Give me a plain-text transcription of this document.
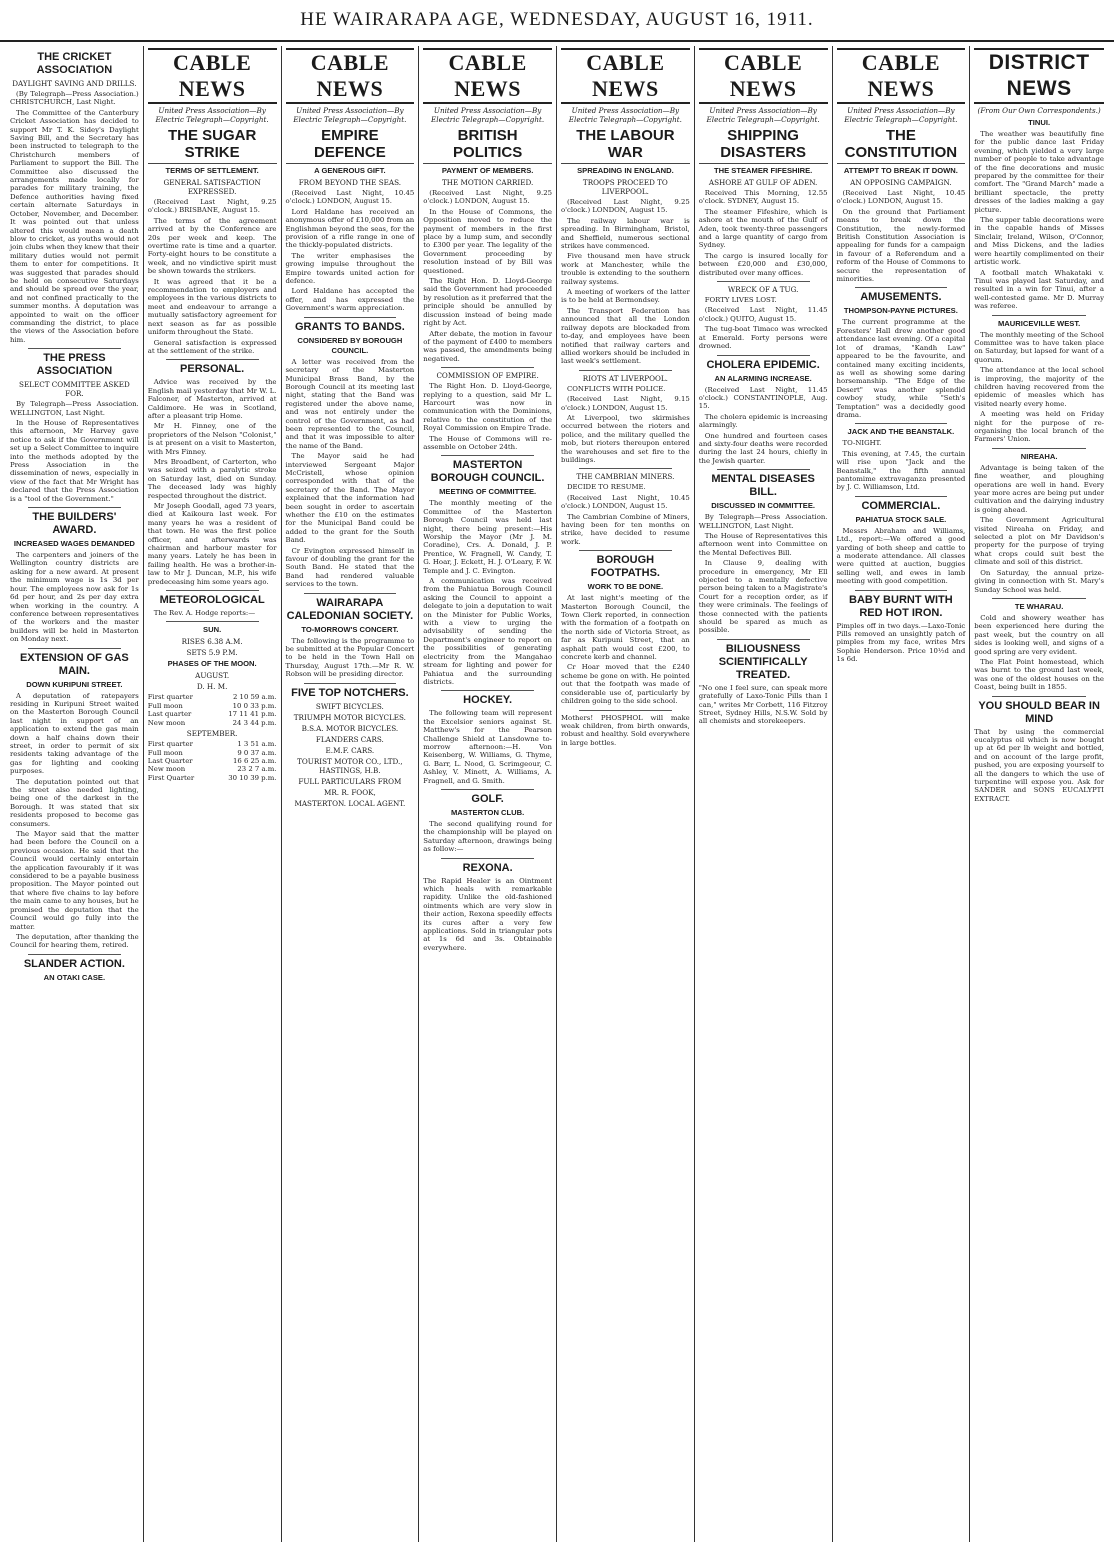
HE WAIRARAPA AGE, WEDNESDAY, AUGUST 16, 1911.
THE CRICKET ASSOCIATION
DAYLIGHT SAVING AND DRILLS.
(By Telegraph—Press Association.) CHRISTCHURCH, Last Night.
The Committee of the Canterbury Cricket Association has decided to support Mr T. K. Sidey's Daylight Saving Bill, and the Secretary has been instructed to telegraph to the Christchurch members of Parliament to support the Bill. The Committee also discussed the arrangements made locally for parades for military training, the Defence authorities having fixed certain alternate Saturdays in October, November, and December. It was pointed out that unless altered this would mean a death blow to cricket, as youths would not join clubs when they knew that their military duties would not permit them to enter for competitions. It was suggested that parades should be held on consecutive Saturdays and should be spread over the year, and not confined practically to the summer months. A deputation was appointed to wait on the officer commanding the district, to place the views of the Association before him.
THE PRESS ASSOCIATION
SELECT COMMITTEE ASKED FOR.
By Telegraph—Press Association. WELLINGTON, Last Night.
In the House of Representatives this afternoon, Mr Harvey gave notice to ask if the Government will set up a Select Committee to inquire into the methods adopted by the Press Association in the dissemination of news, especially in view of the fact that Mr Wright has declared that the Press Association is a "tool of the Government."
THE BUILDERS' AWARD.
INCREASED WAGES DEMANDED
The carpenters and joiners of the Wellington country districts are asking for a new award. At present the minimum wage is 1s 3d per hour. The employees now ask for 1s 6d per hour, and 2s per day extra when working in the country. A conference between representatives of the workers and the master builders will be held in Masterton on Monday next.
EXTENSION OF GAS MAIN.
DOWN KURIPUNI STREET.
A deputation of ratepayers residing in Kuripuni Street waited on the Masterton Borough Council last night in support of an application to extend the gas main down a half chains down their street, in order to permit of six residents taking advantage of the gas for lighting and cooking purposes.
The deputation pointed out that the street also needed lighting, being one of the darkest in the Borough. It was stated that six residents proposed to become gas consumers.
The Mayor said that the matter had been before the Council on a previous occasion. He said that the Council would certainly entertain the application favourably if it was considered to be a payable business proposition. The Mayor pointed out that where five chains to lay before the main came to any houses, but he promised the deputation that the Council would go fully into the matter.
The deputation, after thanking the Council for hearing them, retired.
SLANDER ACTION.
AN OTAKI CASE.
CABLE NEWS
United Press Association—By Electric Telegraph—Copyright.
THE SUGAR STRIKE
TERMS OF SETTLEMENT.
GENERAL SATISFACTION EXPRESSED.
(Received Last Night, 9.25 o'clock.) BRISBANE, August 15.
The terms of the agreement arrived at by the Conference are 20s per week and keep. The overtime rate is time and a quarter. Forty-eight hours to be constitute a week, and no vindictive spirit must be shown towards the strikers.
It was agreed that it be a recommendation to employers and employees in the various districts to meet and endeavour to arrange a mutually satisfactory agreement for next season as far as possible uniform throughout the State.
General satisfaction is expressed at the settlement of the strike.
PERSONAL.
Advice was received by the English mail yesterday that Mr W. L. Falconer, of Masterton, arrived at Caldimore. He was in Scotland, after a pleasant trip Home.
Mr H. Finney, one of the proprietors of the Nelson "Colonist," is at present on a visit to Masterton, with Mrs Finney.
Mrs Broadbent, of Carterton, who was seized with a paralytic stroke on Saturday last, died on Sunday. The deceased lady was highly respected throughout the district.
Mr Joseph Goodall, aged 73 years, died at Kaikoura last week. For many years he was a resident of that town. He was the first police officer, and afterwards was chairman and harbour master for many years. Lately he has been in failing health. He was a brother-in-law to Mr J. Duncan, M.P., his wife predeceasing him some years ago.
METEOROLOGICAL
The Rev. A. Hodge reports:—
SUN.
RISES 6.38 A.M.
SETS 5.9 P.M.
PHASES OF THE MOON.
AUGUST.
D. H. M.
First quarter	2 10 59 a.m.
Full moon	10 0 33 p.m.
Last quarter	17 11 41 p.m.
New moon	24 3 44 p.m.
SEPTEMBER.
First quarter	1 3 51 a.m.
Full moon	9 0 37 a.m.
Last Quarter	16 6 25 a.m.
New moon	23 2 7 a.m.
First Quarter	30 10 39 p.m.
CABLE NEWS
United Press Association—By Electric Telegraph—Copyright.
EMPIRE DEFENCE
A GENEROUS GIFT.
FROM BEYOND THE SEAS.
(Received Last Night, 10.45 o'clock.) LONDON, August 15.
Lord Haldane has received an anonymous offer of £10,000 from an Englishman beyond the seas, for the provision of a rifle range in one of the thickly-populated districts.
The writer emphasises the growing impulse throughout the Empire towards united action for defence.
Lord Haldane has accepted the offer, and has expressed the Government's warm appreciation.
GRANTS TO BANDS.
CONSIDERED BY BOROUGH COUNCIL.
A letter was received from the secretary of the Masterton Municipal Brass Band, by the Borough Council at its meeting last night, stating that the Band was registered under the above name, and was not entirely under the control of the Government, as had been represented to the Council, and that it was impossible to alter the name of the Band.
The Mayor said he had interviewed Sergeant Major McCristell, whose opinion corresponded with that of the secretary of the Band. The Mayor explained that the information had been sought in order to ascertain whether the £10 on the estimates for the Municipal Band could be added to the grant for the South Band.
Cr Evington expressed himself in favour of doubling the grant for the South Band. He stated that the Band had rendered valuable services to the town.
WAIRARAPA CALEDONIAN SOCIETY.
TO-MORROW'S CONCERT.
The following is the programme to be submitted at the Popular Concert to be held in the Town Hall on Thursday, August 17th.—Mr R. W. Robson will be presiding director.
FIVE TOP NOTCHERS.
SWIFT BICYCLES.
TRIUMPH MOTOR BICYCLES.
B.S.A. MOTOR BICYCLES.
FLANDERS CARS.
E.M.F. CARS.
TOURIST MOTOR CO., LTD., HASTINGS, H.B.
FULL PARTICULARS FROM
MR. R. FOOK,
MASTERTON. LOCAL AGENT.
CABLE NEWS
United Press Association—By Electric Telegraph—Copyright.
BRITISH POLITICS
PAYMENT OF MEMBERS.
THE MOTION CARRIED.
(Received Last Night, 9.25 o'clock.) LONDON, August 15.
In the House of Commons, the Opposition moved to reduce the payment of members in the first place by a lump sum, and secondly to £300 per year. The legality of the Government proceeding by resolution instead of by Bill was questioned.
The Right Hon. D. Lloyd-George said the Government had proceeded by resolution as it preferred that the principle should be annulled by discussion instead of being made right by Act.
After debate, the motion in favour of the payment of £400 to members was passed, the amendments being negatived.
COMMISSION OF EMPIRE.
The Right Hon. D. Lloyd-George, replying to a question, said Mr L. Harcourt was now in communication with the Dominions, relative to the constitution of the Royal Commission on Empire Trade.
The House of Commons will re-assemble on October 24th.
MASTERTON BOROUGH COUNCIL.
MEETING OF COMMITTEE.
The monthly meeting of the Committee of the Masterton Borough Council was held last night, there being present:—His Worship the Mayor (Mr J. M. Coradine), Crs. A. Donald, J. P. Prentice, W. Fragnell, W. Candy, T. G. Hoar, J. Eckett, H. J. O'Leary, F. W. Temple and J. C. Evington.
A communication was received from the Pahiatua Borough Council asking the Council to appoint a delegate to join a deputation to wait on the Minister for Public Works, with a view to urging the advisability of sending the Department's engineer to report on the possibilities of generating electricity from the Mangahao stream for lighting and power for Pahiatua and the surrounding districts.
HOCKEY.
The following team will represent the Excelsior seniors against St. Matthew's for the Pearson Challenge Shield at Lansdowne to-morrow afternoon:—H. Von Keisenberg, W. Williams, G. Thyme, G. Barr, L. Nood, G. Scrimgeour, C. Ashley, V. Minett, A. Williams, A. Fragnell, and G. Smith.
GOLF.
MASTERTON CLUB.
The second qualifying round for the championship will be played on Saturday afternoon, drawings being as follow:—
REXONA.
The Rapid Healer is an Ointment which heals with remarkable rapidity. Unlike the old-fashioned ointments which are very slow in their action, Rexona speedily effects its cures after a very few applications. Sold in triangular pots at 1s 6d and 3s. Obtainable everywhere.
CABLE NEWS
United Press Association—By Electric Telegraph—Copyright.
THE LABOUR WAR
SPREADING IN ENGLAND.
TROOPS PROCEED TO LIVERPOOL.
(Received Last Night, 9.25 o'clock.) LONDON, August 15.
The railway labour war is spreading. In Birmingham, Bristol, and Sheffield, numerous sectional strikes have commenced.
Five thousand men have struck work at Manchester, while the trouble is extending to the southern railway systems.
A meeting of workers of the latter is to be held at Bermondsey.
The Transport Federation has announced that all the London railway depots are blockaded from to-day, and employees have been notified that railway carters and allied workers should be included in last week's settlement.
RIOTS AT LIVERPOOL.
CONFLICTS WITH POLICE.
(Received Last Night, 9.15 o'clock.) LONDON, August 15.
At Liverpool, two skirmishes occurred between the rioters and police, and the military quelled the mob, but rioters thereupon entered the warehouses and set fire to the buildings.
THE CAMBRIAN MINERS.
DECIDE TO RESUME.
(Received Last Night, 10.45 o'clock.) LONDON, August 15.
The Cambrian Combine of Miners, having been for ten months on strike, have decided to resume work.
BOROUGH FOOTPATHS.
WORK TO BE DONE.
At last night's meeting of the Masterton Borough Council, the Town Clerk reported, in connection with the formation of a footpath on the north side of Victoria Street, as far as Kuripuni Street, that an asphalt path would cost £200, to concrete kerb and channel.
Cr Hoar moved that the £240 scheme be gone on with. He pointed out that the footpath was made of considerable use of, particularly by children going to the side school.
Mothers! PHOSPHOL will make weak children, from birth onwards, robust and healthy. Sold everywhere in large bottles.
CABLE NEWS
United Press Association—By Electric Telegraph—Copyright.
SHIPPING DISASTERS
THE STEAMER FIFESHIRE.
ASHORE AT GULF OF ADEN.
Received This Morning, 12.55 o'clock. SYDNEY, August 15.
The steamer Fifeshire, which is ashore at the mouth of the Gulf of Aden, took twenty-three passengers and a large quantity of cargo from Sydney.
The cargo is insured locally for between £20,000 and £30,000, distributed over many offices.
WRECK OF A TUG.
FORTY LIVES LOST.
(Received Last Night, 11.45 o'clock.) QUITO, August 15.
The tug-boat Timaco was wrecked at Emerald. Forty persons were drowned.
CHOLERA EPIDEMIC.
AN ALARMING INCREASE.
(Received Last Night, 11.45 o'clock.) CONSTANTINOPLE, Aug. 15.
The cholera epidemic is increasing alarmingly.
One hundred and fourteen cases and sixty-four deaths were recorded during the last 24 hours, chiefly in the Jewish quarter.
MENTAL DISEASES BILL.
DISCUSSED IN COMMITTEE.
By Telegraph—Press Association. WELLINGTON, Last Night.
The House of Representatives this afternoon went into Committee on the Mental Defectives Bill.
In Clause 9, dealing with procedure in emergency, Mr Ell objected to a mentally defective person being taken to a Magistrate's Court for a reception order, as if they were criminals. The feelings of those connected with the patients should be spared as much as possible.
BILIOUSNESS SCIENTIFICALLY TREATED.
"No one I feel sure, can speak more gratefully of Laxo-Tonic Pills than I can," writes Mr Corbett, 116 Fitzroy Street, Sydney Hills, N.S.W. Sold by all chemists and storekeepers.
CABLE NEWS
United Press Association—By Electric Telegraph—Copyright.
THE CONSTITUTION
ATTEMPT TO BREAK IT DOWN.
AN OPPOSING CAMPAIGN.
(Received Last Night, 10.45 o'clock.) LONDON, August 15.
On the ground that Parliament means to break down the Constitution, the newly-formed British Constitution Association is appealing for funds for a campaign in favour of a Referendum and a reform of the House of Commons to secure the representation of minorities.
AMUSEMENTS.
THOMPSON-PAYNE PICTURES.
The current programme at the Foresters' Hall drew another good attendance last evening. Of a capital lot of dramas, "Kandh Law" appeared to be the favourite, and contained many exciting incidents, as well as showing some daring horsemanship. "The Edge of the Desert" was another splendid cowboy study, while "Seth's Temptation" was a decidedly good drama.
JACK AND THE BEANSTALK.
TO-NIGHT.
This evening, at 7.45, the curtain will rise upon "Jack and the Beanstalk," the fifth annual pantomime extravaganza presented by J. C. Williamson, Ltd.
COMMERCIAL.
PAHIATUA STOCK SALE.
Messrs Abraham and Williams, Ltd., report:—We offered a good yarding of both sheep and cattle to a moderate attendance. All classes were quitted at auction, buggies selling well, and ewes in lamb meeting with good competition.
BABY BURNT WITH RED HOT IRON.
Pimples off in two days.—Laxo-Tonic Pills removed an unsightly patch of pimples from my face, writes Mrs Sophie Henderson. Price 10½d and 1s 6d.
DISTRICT NEWS
(From Our Own Correspondents.)
TINUI.
The weather was beautifully fine for the public dance last Friday evening, which yielded a very large number of people to take advantage of the fine decorations and music prepared by the committee for their comfort. The "Grand March" made a brilliant spectacle, the pretty dresses of the ladies making a gay picture.
The supper table decorations were in the capable hands of Misses Sinclair, Ireland, Wilson, O'Connor, and Miss Dickens, and the ladies were heartily complimented on their artistic work.
A football match Whakataki v. Tinui was played last Saturday, and resulted in a win for Tinui, after a well-contested game. Mr D. Murray was referee.
MAURICEVILLE WEST.
The monthly meeting of the School Committee was to have taken place on Saturday, but lapsed for want of a quorum.
The attendance at the local school is improving, the majority of the children having recovered from the epidemic of measles which has visited nearly every home.
A meeting was held on Friday night for the purpose of re-organising the local branch of the Farmers' Union.
NIREAHA.
Advantage is being taken of the fine weather, and ploughing operations are well in hand. Every year more acres are being put under cultivation and the dairying industry is going ahead.
The Government Agricultural visited Nireaha on Friday, and selected a plot on Mr Davidson's property for the purpose of trying what crops could suit best the climate and soil of this district.
On Saturday, the annual prize-giving in connection with St. Mary's Sunday School was held.
TE WHARAU.
Cold and showery weather has been experienced here during the past week, but the country on all sides is looking well, and signs of a good spring are very evident.
The Flat Point homestead, which was burnt to the ground last week, was one of the oldest houses on the Coast, being built in 1855.
YOU SHOULD BEAR IN MIND
That by using the commercial eucalyptus oil which is now bought up at 6d per lb weight and bottled, and on account of the large profit, pushed, you are exposing yourself to all the dangers to which the use of turpentine will expose you. Ask for SANDER and SONS EUCALYPTI EXTRACT.
